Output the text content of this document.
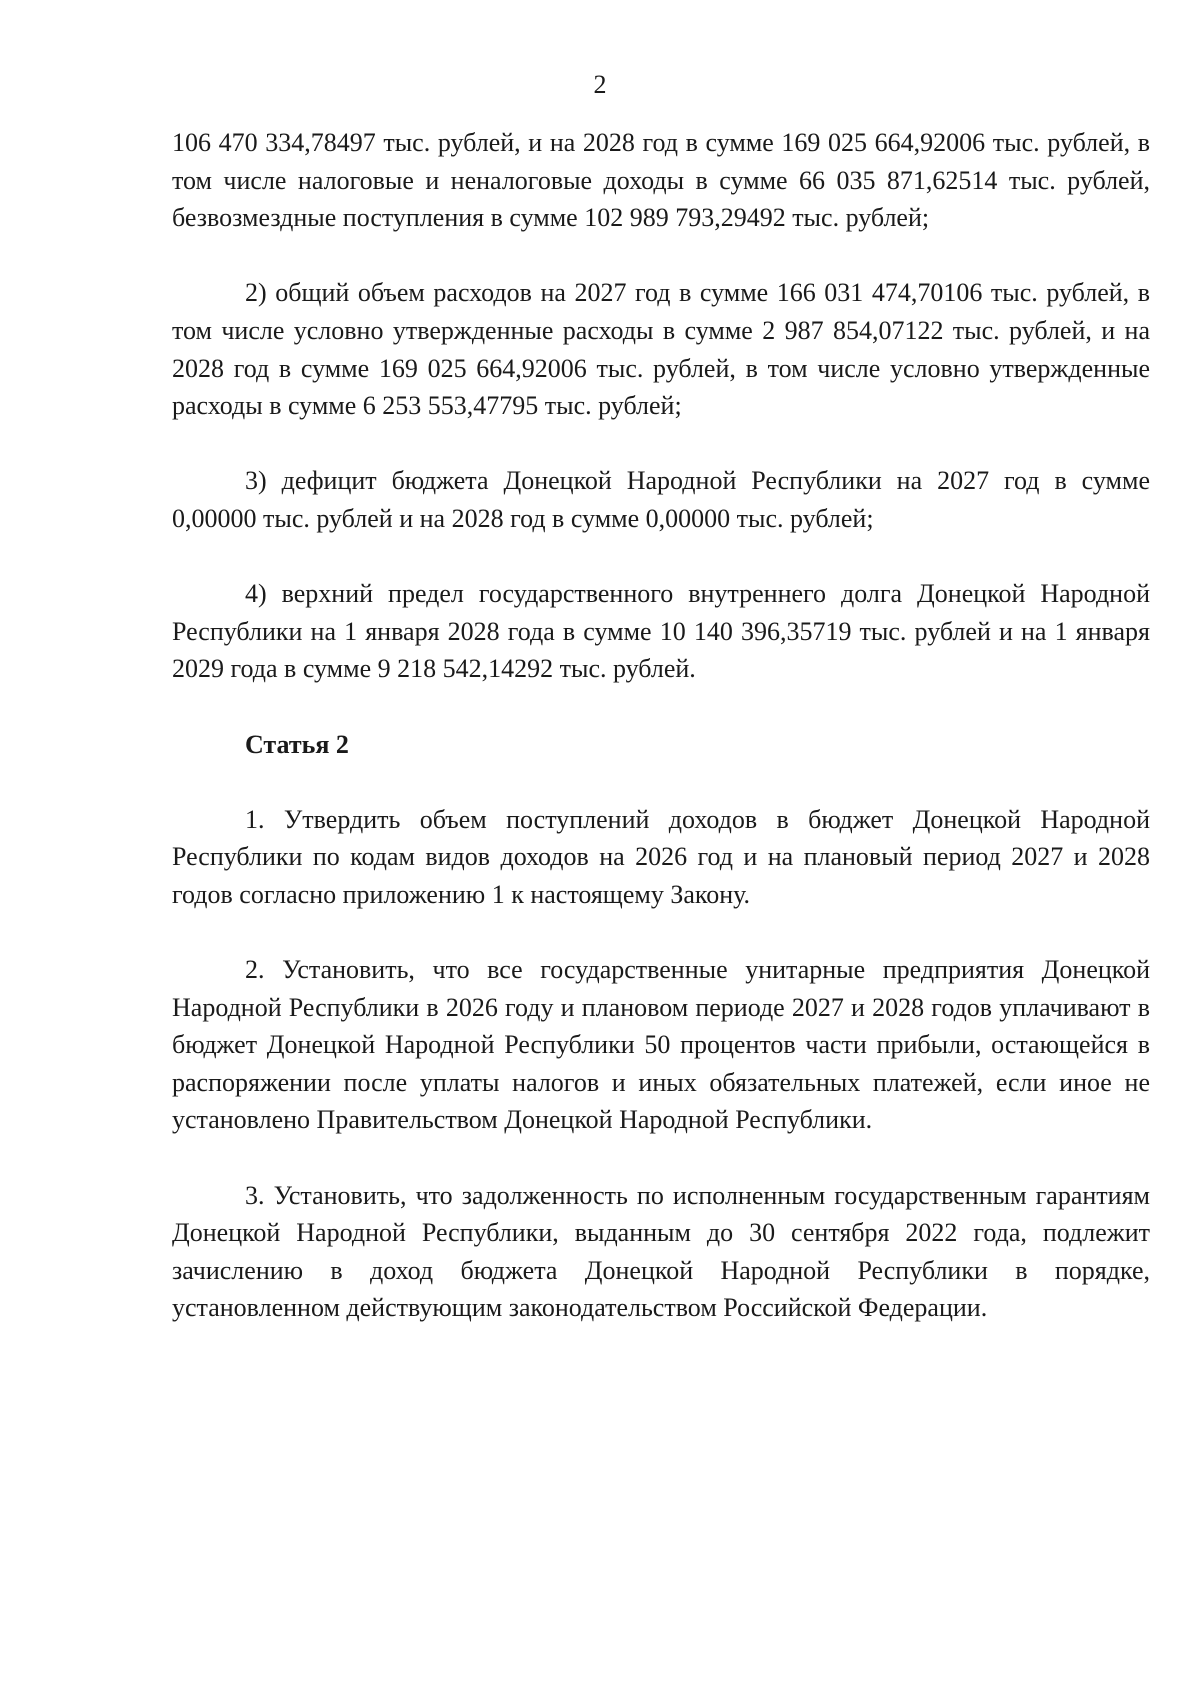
2

106 470 334,78497 тыс. рублей, и на 2028 год в сумме 169 025 664,92006 тыс. рублей, в том числе налоговые и неналоговые доходы в сумме 66 035 871,62514 тыс. рублей, безвозмездные поступления в сумме 102 989 793,29492 тыс. рублей;

2) общий объем расходов на 2027 год в сумме 166 031 474,70106 тыс. рублей, в том числе условно утвержденные расходы в сумме 2 987 854,07122 тыс. рублей, и на 2028 год в сумме 169 025 664,92006 тыс. рублей, в том числе условно утвержденные расходы в сумме 6 253 553,47795 тыс. рублей;

3) дефицит бюджета Донецкой Народной Республики на 2027 год в сумме 0,00000 тыс. рублей и на 2028 год в сумме 0,00000 тыс. рублей;

4) верхний предел государственного внутреннего долга Донецкой Народной Республики на 1 января 2028 года в сумме 10 140 396,35719 тыс. рублей и на 1 января 2029 года в сумме 9 218 542,14292 тыс. рублей.

Статья 2

1. Утвердить объем поступлений доходов в бюджет Донецкой Народной Республики по кодам видов доходов на 2026 год и на плановый период 2027 и 2028 годов согласно приложению 1 к настоящему Закону.

2. Установить, что все государственные унитарные предприятия Донецкой Народной Республики в 2026 году и плановом периоде 2027 и 2028 годов уплачивают в бюджет Донецкой Народной Республики 50 процентов части прибыли, остающейся в распоряжении после уплаты налогов и иных обязательных платежей, если иное не установлено Правительством Донецкой Народной Республики.

3. Установить, что задолженность по исполненным государственным гарантиям Донецкой Народной Республики, выданным до 30 сентября 2022 года, подлежит зачислению в доход бюджета Донецкой Народной Республики в порядке, установленном действующим законодательством Российской Федерации.
